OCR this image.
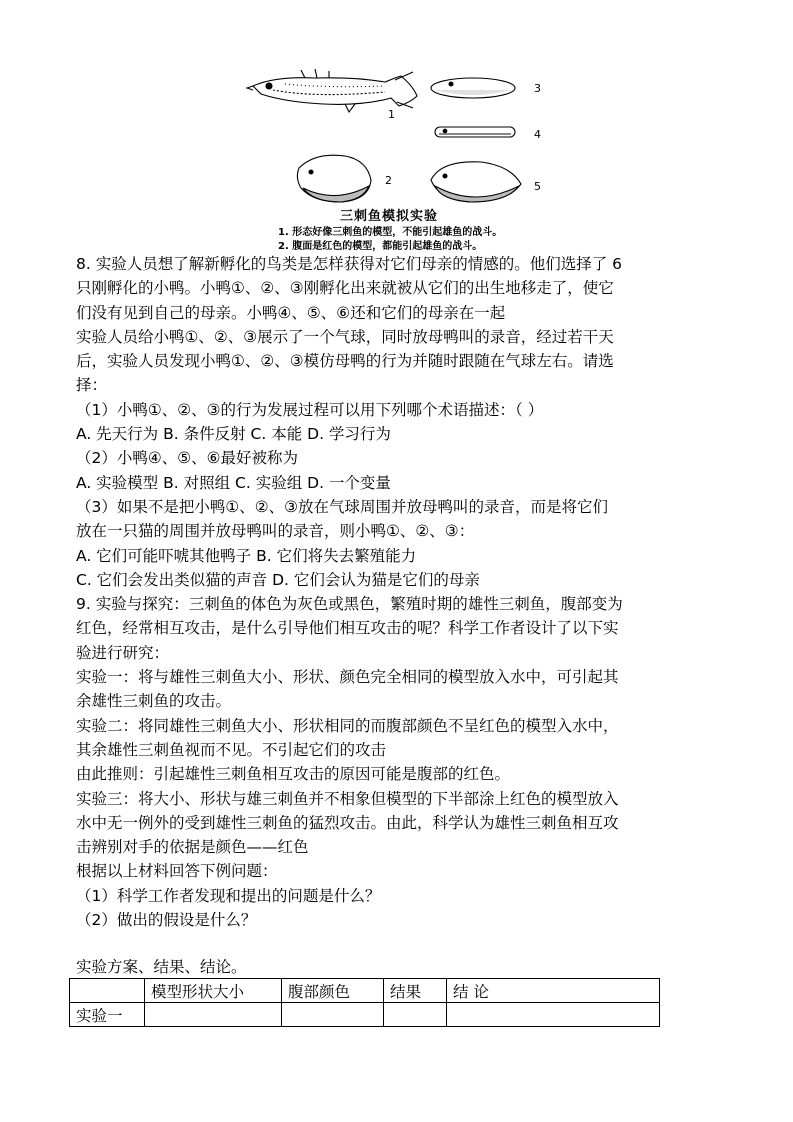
1
2
3
4
5
三刺鱼模拟实验
1. 形态好像三刺鱼的模型，不能引起雄鱼的战斗。
2. 腹面是红色的模型，都能引起雄鱼的战斗。

8. 实验人员想了解新孵化的鸟类是怎样获得对它们母亲的情感的。他们选择了 6

只刚孵化的小鸭。小鸭①、②、③刚孵化出来就被从它们的出生地移走了，使它

们没有见到自己的母亲。小鸭④、⑤、⑥还和它们的母亲在一起

实验人员给小鸭①、②、③展示了一个气球，同时放母鸭叫的录音，经过若干天

后，实验人员发现小鸭①、②、③模仿母鸭的行为并随时跟随在气球左右。请选

择：

（1）小鸭①、②、③的行为发展过程可以用下列哪个术语描述：（ ）

A. 先天行为 B. 条件反射 C. 本能 D. 学习行为

（2）小鸭④、⑤、⑥最好被称为

A. 实验模型 B. 对照组 C. 实验组 D. 一个变量

（3）如果不是把小鸭①、②、③放在气球周围并放母鸭叫的录音，而是将它们

放在一只猫的周围并放母鸭叫的录音，则小鸭①、②、③：

A. 它们可能吓唬其他鸭子 B. 它们将失去繁殖能力

C. 它们会发出类似猫的声音 D. 它们会认为猫是它们的母亲

9. 实验与探究：三刺鱼的体色为灰色或黑色，繁殖时期的雄性三刺鱼，腹部变为

红色，经常相互攻击，是什么引导他们相互攻击的呢？科学工作者设计了以下实

验进行研究：

实验一：将与雄性三刺鱼大小、形状、颜色完全相同的模型放入水中，可引起其

余雄性三刺鱼的攻击。

实验二：将同雄性三刺鱼大小、形状相同的而腹部颜色不呈红色的模型入水中，

其余雄性三刺鱼视而不见。不引起它们的攻击

由此推则：引起雄性三刺鱼相互攻击的原因可能是腹部的红色。

实验三：将大小、形状与雄三刺鱼并不相象但模型的下半部涂上红色的模型放入

水中无一例外的受到雄性三刺鱼的猛烈攻击。由此，科学认为雄性三刺鱼相互攻

击辨别对手的依据是颜色——红色

根据以上材料回答下例问题：

（1）科学工作者发现和提出的问题是什么？

（2）做出的假设是什么？

实验方案、结果、结论。

	模型形状大小	腹部颜色	结果	结 论
实验一				
